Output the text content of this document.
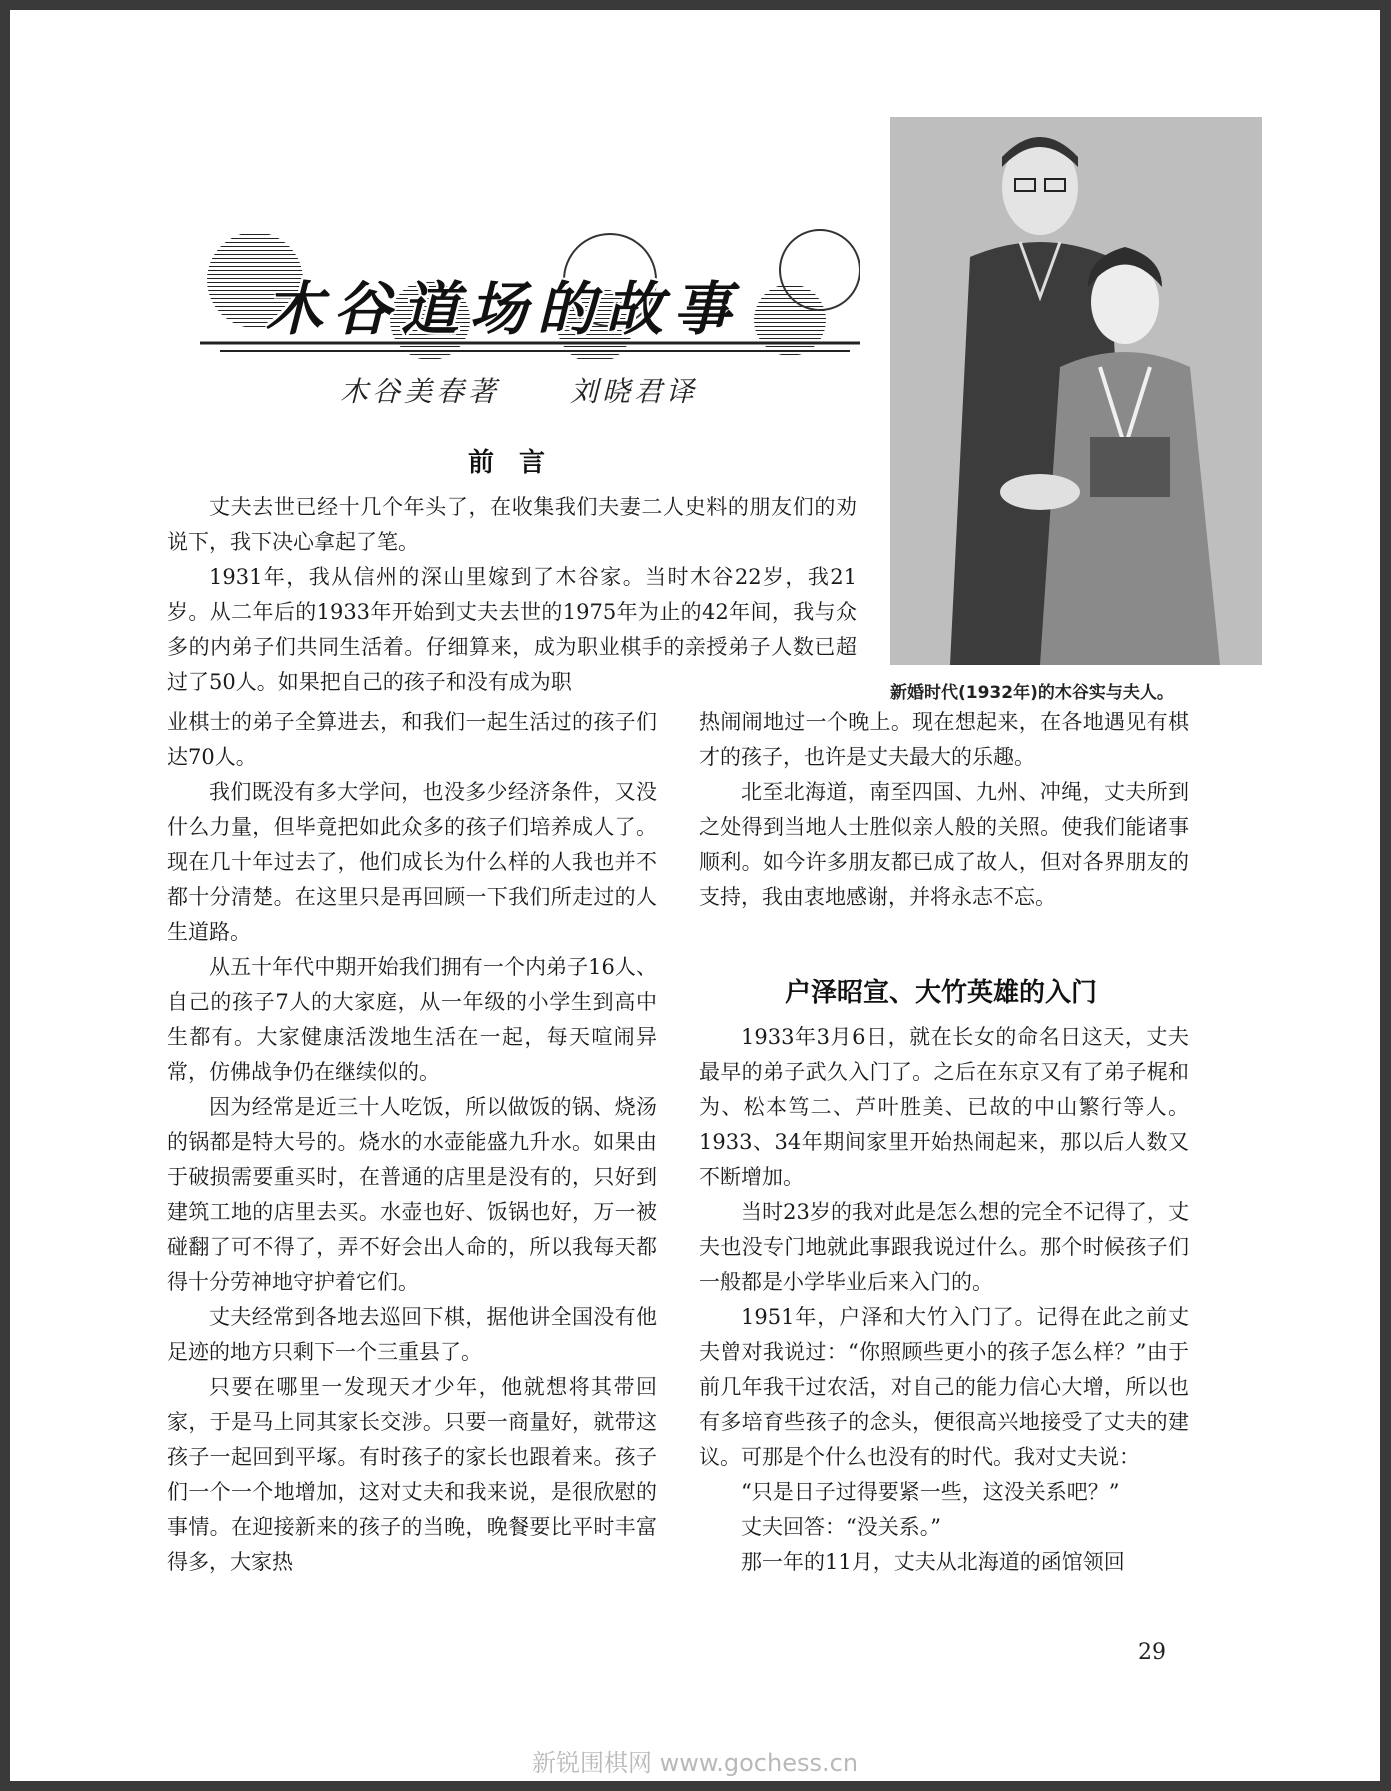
木谷道场的故事
木谷美春著	刘晓君译
前 言

丈夫去世已经十几个年头了，在收集我们夫妻二人史料的朋友们的劝说下，我下决心拿起了笔。

1931年，我从信州的深山里嫁到了木谷家。当时木谷22岁，我21岁。从二年后的1933年开始到丈夫去世的1975年为止的42年间，我与众多的内弟子们共同生活着。仔细算来，成为职业棋手的亲授弟子人数已超过了50人。如果把自己的孩子和没有成为职	新婚时代(1932年)的木谷实与夫人。

业棋士的弟子全算进去，和我们一起生活过的孩子们达70人。

我们既没有多大学问，也没多少经济条件，又没什么力量，但毕竟把如此众多的孩子们培养成人了。现在几十年过去了，他们成长为什么样的人我也并不都十分清楚。在这里只是再回顾一下我们所走过的人生道路。

从五十年代中期开始我们拥有一个内弟子16人、自己的孩子7人的大家庭，从一年级的小学生到高中生都有。大家健康活泼地生活在一起，每天喧闹异常，仿佛战争仍在继续似的。

因为经常是近三十人吃饭，所以做饭的锅、烧汤的锅都是特大号的。烧水的水壶能盛九升水。如果由于破损需要重买时，在普通的店里是没有的，只好到建筑工地的店里去买。水壶也好、饭锅也好，万一被碰翻了可不得了，弄不好会出人命的，所以我每天都得十分劳神地守护着它们。

丈夫经常到各地去巡回下棋，据他讲全国没有他足迹的地方只剩下一个三重县了。

只要在哪里一发现天才少年，他就想将其带回家，于是马上同其家长交涉。只要一商量好，就带这孩子一起回到平塚。有时孩子的家长也跟着来。孩子们一个一个地增加，这对丈夫和我来说，是很欣慰的事情。在迎接新来的孩子的当晚，晚餐要比平时丰富得多，大家热

热闹闹地过一个晚上。现在想起来，在各地遇见有棋才的孩子，也许是丈夫最大的乐趣。

北至北海道，南至四国、九州、冲绳，丈夫所到之处得到当地人士胜似亲人般的关照。使我们能诸事顺利。如今许多朋友都已成了故人，但对各界朋友的支持，我由衷地感谢，并将永志不忘。

户泽昭宣、大竹英雄的入门

1933年3月6日，就在长女的命名日这天，丈夫最早的弟子武久入门了。之后在东京又有了弟子梶和为、松本笃二、芦叶胜美、已故的中山繁行等人。1933、34年期间家里开始热闹起来，那以后人数又不断增加。

当时23岁的我对此是怎么想的完全不记得了，丈夫也没专门地就此事跟我说过什么。那个时候孩子们一般都是小学毕业后来入门的。

1951年，户泽和大竹入门了。记得在此之前丈夫曾对我说过：“你照顾些更小的孩子怎么样？”由于前几年我干过农活，对自己的能力信心大增，所以也有多培育些孩子的念头，便很高兴地接受了丈夫的建议。可那是个什么也没有的时代。我对丈夫说：

“只是日子过得要紧一些，这没关系吧？”

丈夫回答：“没关系。”

那一年的11月，丈夫从北海道的函馆领回

29
新锐围棋网 www.gochess.cn
